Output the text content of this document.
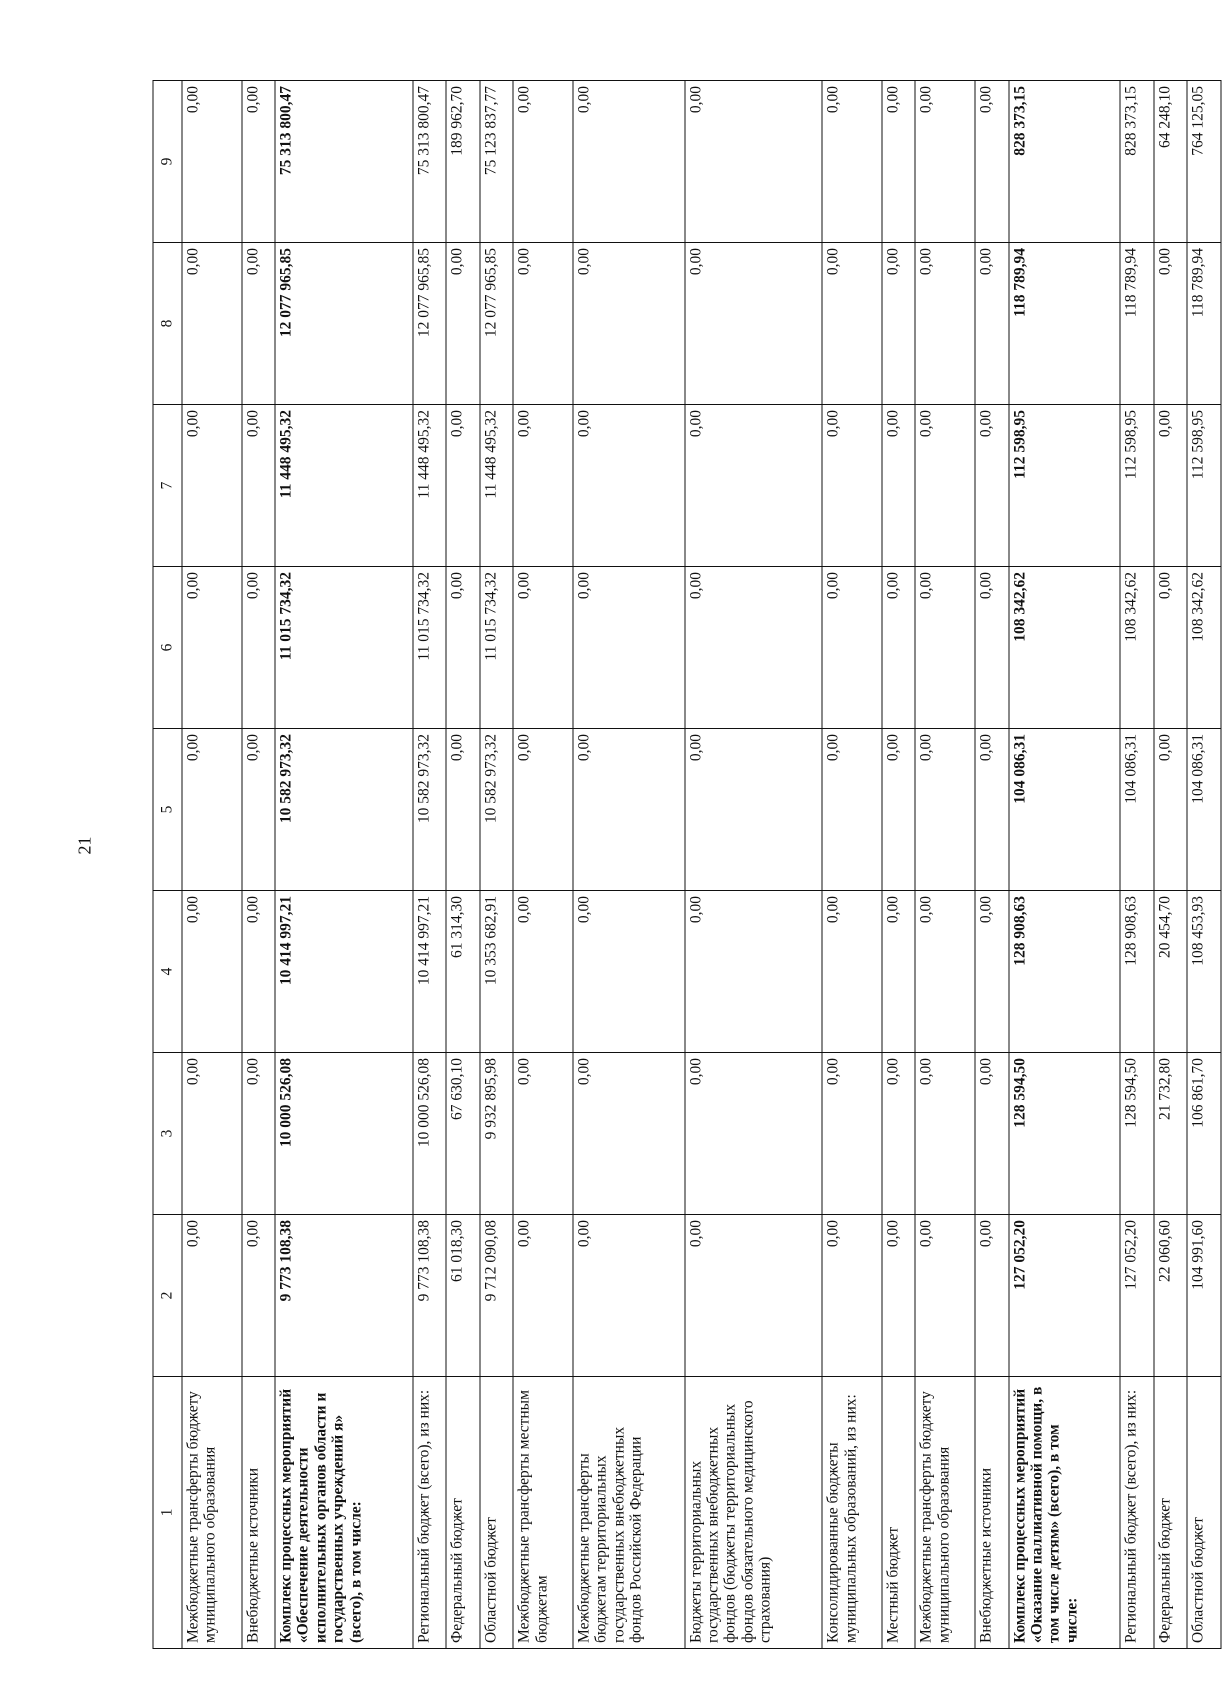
21
1	2	3	4	5	6	7	8	9
Межбюджетные трансферты бюджету муниципального образования	0,00	0,00	0,00	0,00	0,00	0,00	0,00	0,00
Внебюджетные источники	0,00	0,00	0,00	0,00	0,00	0,00	0,00	0,00
Комплекс процессных мероприятий «Обеспечение деятельности исполнительных органов области и государственных учреждений я» (всего), в том числе:	9 773 108,38	10 000 526,08	10 414 997,21	10 582 973,32	11 015 734,32	11 448 495,32	12 077 965,85	75 313 800,47
Региональный бюджет (всего), из них:	9 773 108,38	10 000 526,08	10 414 997,21	10 582 973,32	11 015 734,32	11 448 495,32	12 077 965,85	75 313 800,47
Федеральный бюджет	61 018,30	67 630,10	61 314,30	0,00	0,00	0,00	0,00	189 962,70
Областной бюджет	9 712 090,08	9 932 895,98	10 353 682,91	10 582 973,32	11 015 734,32	11 448 495,32	12 077 965,85	75 123 837,77
Межбюджетные трансферты местным бюджетам	0,00	0,00	0,00	0,00	0,00	0,00	0,00	0,00
Межбюджетные трансферты бюджетам территориальных государственных внебюджетных фондов Российской Федерации	0,00	0,00	0,00	0,00	0,00	0,00	0,00	0,00
Бюджеты территориальных государственных внебюджетных фондов (бюджеты территориальных фондов обязательного медицинского страхования)	0,00	0,00	0,00	0,00	0,00	0,00	0,00	0,00
Консолидированные бюджеты муниципальных образований, из них:	0,00	0,00	0,00	0,00	0,00	0,00	0,00	0,00
Местный бюджет	0,00	0,00	0,00	0,00	0,00	0,00	0,00	0,00
Межбюджетные трансферты бюджету муниципального образования	0,00	0,00	0,00	0,00	0,00	0,00	0,00	0,00
Внебюджетные источники	0,00	0,00	0,00	0,00	0,00	0,00	0,00	0,00
Комплекс процессных мероприятий «Оказание паллиативной помощи, в том числе детям» (всего), в том числе:	127 052,20	128 594,50	128 908,63	104 086,31	108 342,62	112 598,95	118 789,94	828 373,15
Региональный бюджет (всего), из них:	127 052,20	128 594,50	128 908,63	104 086,31	108 342,62	112 598,95	118 789,94	828 373,15
Федеральный бюджет	22 060,60	21 732,80	20 454,70	0,00	0,00	0,00	0,00	64 248,10
Областной бюджет	104 991,60	106 861,70	108 453,93	104 086,31	108 342,62	112 598,95	118 789,94	764 125,05
